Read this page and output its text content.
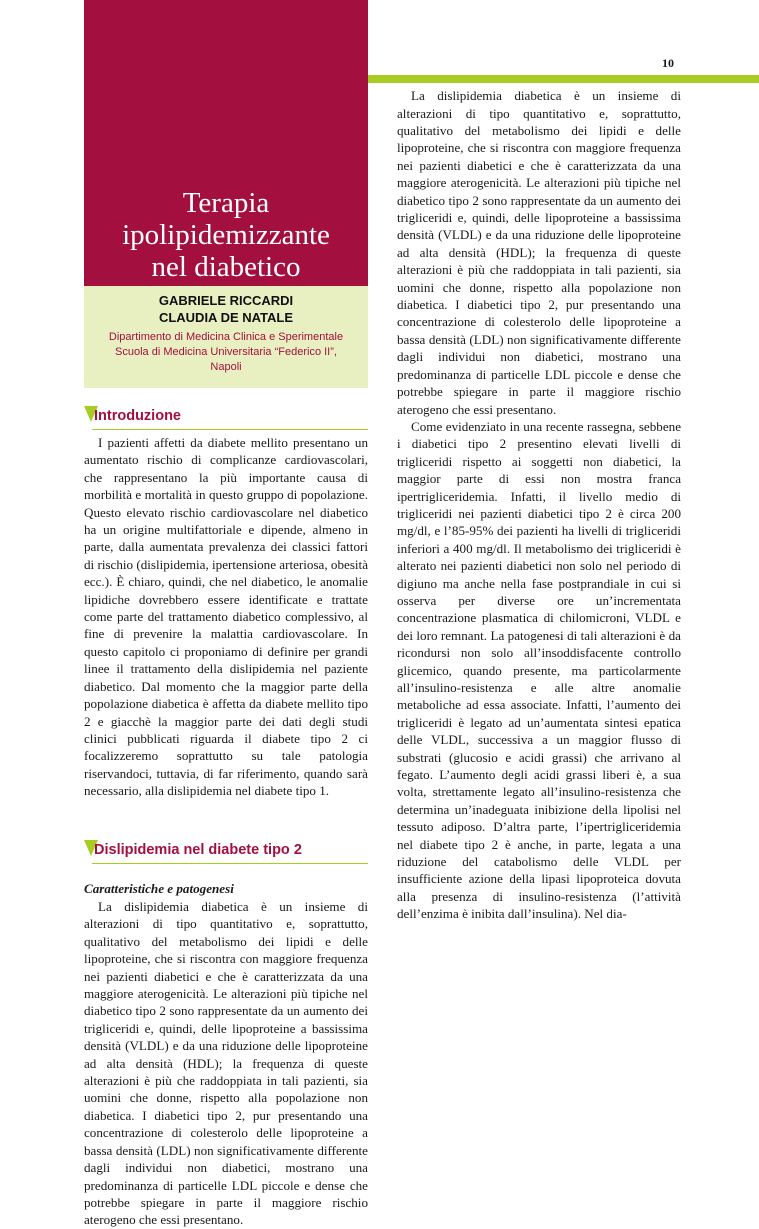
Terapia
ipolipidemizzante
nel diabetico
GABRIELE RICCARDI
CLAUDIA DE NATALE
Dipartimento di Medicina Clinica e Sperimentale
Scuola di Medicina Universitaria “Federico II”,
Napoli
10
Introduzione

I pazienti affetti da diabete mellito presentano un aumentato rischio di complicanze cardiovascolari, che rappresentano la più importante causa di morbilità e mortalità in questo gruppo di popolazione. Questo elevato rischio cardiovascolare nel diabetico ha un origine multifattoriale e dipende, almeno in parte, dalla aumentata prevalenza dei classici fattori di rischio (dislipidemia, ipertensione arteriosa, obesità ecc.). È chiaro, quindi, che nel diabetico, le anomalie lipidiche dovrebbero essere identificate e trattate come parte del trattamento diabetico complessivo, al fine di prevenire la malattia cardiovascolare. In questo capitolo ci proponiamo di definire per grandi linee il trattamento della dislipidemia nel paziente diabetico. Dal momento che la maggior parte della popolazione diabetica è affetta da diabete mellito tipo 2 e giacchè la maggior parte dei dati degli studi clinici pubblicati riguarda il diabete tipo 2 ci focalizzeremo soprattutto su tale patologia riservandoci, tuttavia, di far riferimento, quando sarà necessario, alla dislipidemia nel diabete tipo 1.

Dislipidemia nel diabete tipo 2

Caratteristiche e patogenesi

La dislipidemia diabetica è un insieme di alterazioni di tipo quantitativo e, soprattutto, qualitativo del metabolismo dei lipidi e delle lipoproteine, che si riscontra con maggiore frequenza nei pazienti diabetici e che è caratterizzata da una maggiore aterogenicità. Le alterazioni più tipiche nel diabetico tipo 2 sono rappresentate da un aumento dei trigliceridi e, quindi, delle lipoproteine a bassissima densità (VLDL) e da una riduzione delle lipoproteine ad alta densità (HDL); la frequenza di queste alterazioni è più che raddoppiata in tali pazienti, sia uomini che donne, rispetto alla popolazione non diabetica. I diabetici tipo 2, pur presentando una concentrazione di colesterolo delle lipoproteine a bassa densità (LDL) non significativamente differente dagli individui non diabetici, mostrano una predominanza di particelle LDL piccole e dense che potrebbe spiegare in parte il maggiore rischio aterogeno che essi presentano.

La dislipidemia diabetica è un insieme di alterazioni di tipo quantitativo e, soprattutto, qualitativo del metabolismo dei lipidi e delle lipoproteine, che si riscontra con maggiore frequenza nei pazienti diabetici e che è caratterizzata da una maggiore aterogenicità. Le alterazioni più tipiche nel diabetico tipo 2 sono rappresentate da un aumento dei trigliceridi e, quindi, delle lipoproteine a bassissima densità (VLDL) e da una riduzione delle lipoproteine ad alta densità (HDL); la frequenza di queste alterazioni è più che raddoppiata in tali pazienti, sia uomini che donne, rispetto alla popolazione non diabetica. I diabetici tipo 2, pur presentando una concentrazione di colesterolo delle lipoproteine a bassa densità (LDL) non significativamente differente dagli individui non diabetici, mostrano una predominanza di particelle LDL piccole e dense che potrebbe spiegare in parte il maggiore rischio aterogeno che essi presentano.

Come evidenziato in una recente rassegna, sebbene i diabetici tipo 2 presentino elevati livelli di trigliceridi rispetto ai soggetti non diabetici, la maggior parte di essi non mostra franca ipertrigliceridemia. Infatti, il livello medio di trigliceridi nei pazienti diabetici tipo 2 è circa 200 mg/dl, e l’85-95% dei pazienti ha livelli di trigliceridi inferiori a 400 mg/dl. Il metabolismo dei trigliceridi è alterato nei pazienti diabetici non solo nel periodo di digiuno ma anche nella fase postprandiale in cui si osserva per diverse ore un’incrementata concentrazione plasmatica di chilomicroni, VLDL e dei loro remnant. La patogenesi di tali alterazioni è da ricondursi non solo all’insoddisfacente controllo glicemico, quando presente, ma particolarmente all’insulino-resistenza e alle altre anomalie metaboliche ad essa associate. Infatti, l’aumento dei trigliceridi è legato ad un’aumentata sintesi epatica delle VLDL, successiva a un maggior flusso di substrati (glucosio e acidi grassi) che arrivano al fegato. L’aumento degli acidi grassi liberi è, a sua volta, strettamente legato all’insulino-resistenza che determina un’inadeguata inibizione della lipolisi nel tessuto adiposo. D’altra parte, l’ipertrigliceridemia nel diabete tipo 2 è anche, in parte, legata a una riduzione del catabolismo delle VLDL per insufficiente azione della lipasi lipoproteica dovuta alla presenza di insulino-resistenza (l’attività dell’enzima è inibita dall’insulina). Nel dia-
